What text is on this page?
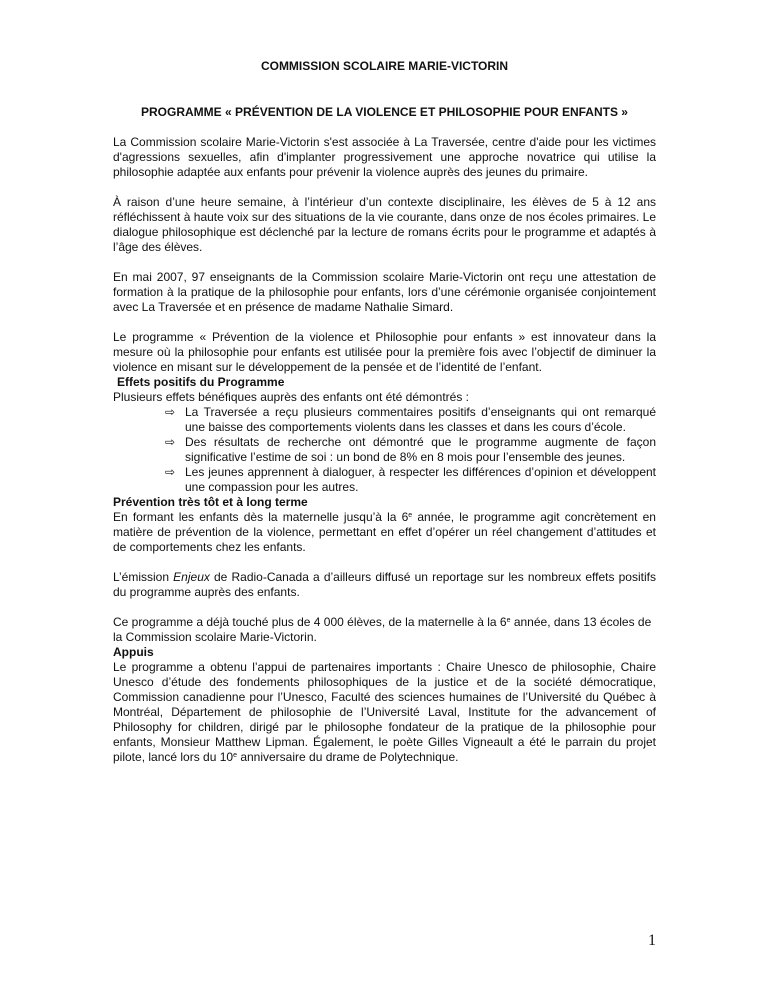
COMMISSION SCOLAIRE MARIE-VICTORIN
PROGRAMME « PRÉVENTION DE LA VIOLENCE ET PHILOSOPHIE POUR ENFANTS »

La Commission scolaire Marie-Victorin s'est associée à La Traversée, centre d'aide pour les victimes d'agressions sexuelles, afin d'implanter progressivement une approche novatrice qui utilise la philosophie adaptée aux enfants pour prévenir la violence auprès des jeunes du primaire.

À raison d’une heure semaine, à l’intérieur d’un contexte disciplinaire, les élèves de 5 à 12 ans réfléchissent à haute voix sur des situations de la vie courante, dans onze de nos écoles primaires. Le dialogue philosophique est déclenché par la lecture de romans écrits pour le programme et adaptés à l’âge des élèves.

En mai 2007, 97 enseignants de la Commission scolaire Marie-Victorin ont reçu une attestation de formation à la pratique de la philosophie pour enfants, lors d’une cérémonie organisée conjointement avec La Traversée et en présence de madame Nathalie Simard.

Le programme « Prévention de la violence et Philosophie pour enfants » est innovateur dans la mesure où la philosophie pour enfants est utilisée pour la première fois avec l’objectif de diminuer la violence en misant sur le développement de la pensée et de l’identité de l’enfant.

Effets positifs du Programme

Plusieurs effets bénéfiques auprès des enfants ont été démontrés :

⇨ La Traversée a reçu plusieurs commentaires positifs d’enseignants qui ont remarqué une baisse des comportements violents dans les classes et dans les cours d’école.
⇨ Des résultats de recherche ont démontré que le programme augmente de façon significative l’estime de soi : un bond de 8% en 8 mois pour l’ensemble des jeunes.
⇨ Les jeunes apprennent à dialoguer, à respecter les différences d’opinion et développent une compassion pour les autres.
Prévention très tôt et à long terme

En formant les enfants dès la maternelle jusqu’à la 6e année, le programme agit concrètement en matière de prévention de la violence, permettant en effet d’opérer un réel changement d’attitudes et de comportements chez les enfants.

L’émission Enjeux de Radio-Canada a d’ailleurs diffusé un reportage sur les nombreux effets positifs du programme auprès des enfants.

Ce programme a déjà touché plus de 4 000 élèves, de la maternelle à la 6e année, dans 13 écoles de la Commission scolaire Marie-Victorin.

Appuis

Le programme a obtenu l’appui de partenaires importants : Chaire Unesco de philosophie, Chaire Unesco d’étude des fondements philosophiques de la justice et de la société démocratique, Commission canadienne pour l’Unesco, Faculté des sciences humaines de l’Université du Québec à Montréal, Département de philosophie de l’Université Laval, Institute for the advancement of Philosophy for children, dirigé par le philosophe fondateur de la pratique de la philosophie pour enfants, Monsieur Matthew Lipman. Également, le poète Gilles Vigneault a été le parrain du projet pilote, lancé lors du 10e anniversaire du drame de Polytechnique.

1
